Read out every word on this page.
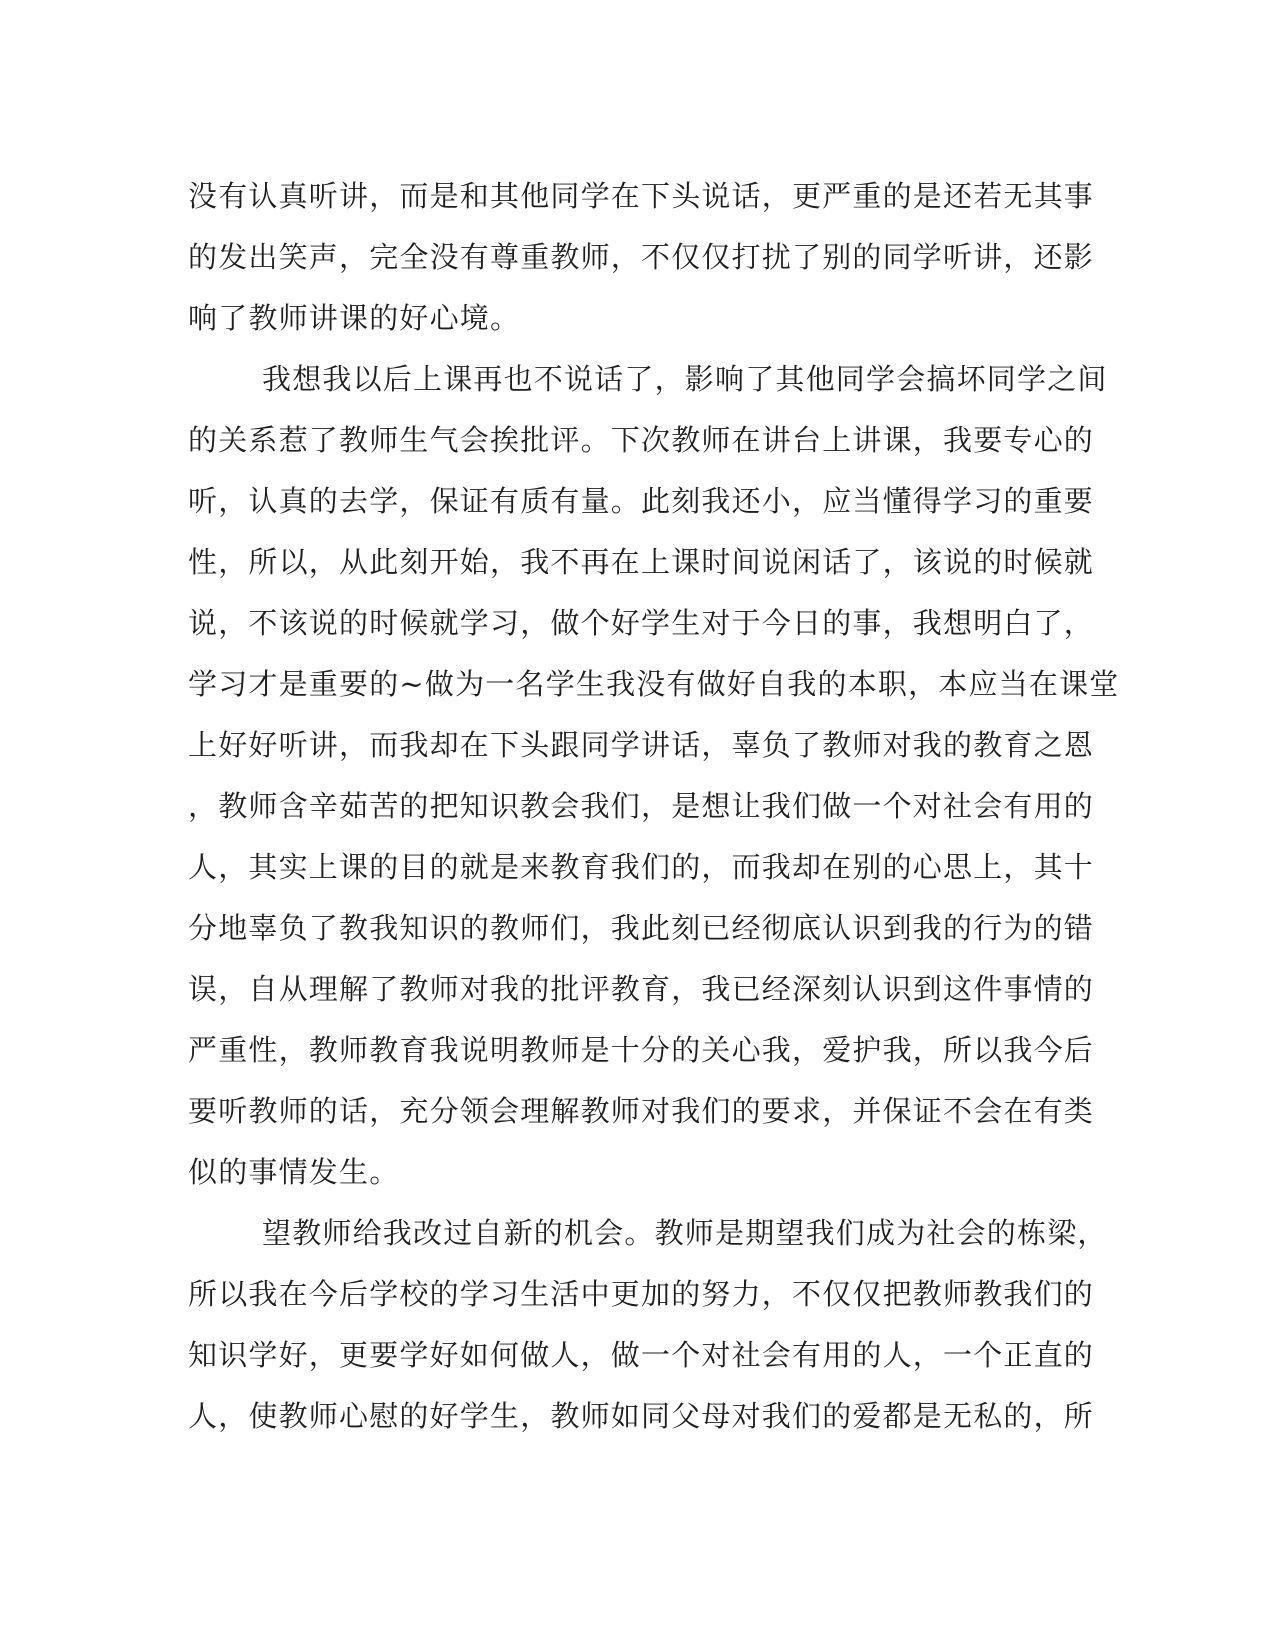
没有认真听讲，而是和其他同学在下头说话，更严重的是还若无其事
的发出笑声，完全没有尊重教师，不仅仅打扰了别的同学听讲，还影
响了教师讲课的好心境。
我想我以后上课再也不说话了，影响了其他同学会搞坏同学之间
的关系惹了教师生气会挨批评。下次教师在讲台上讲课，我要专心的
听，认真的去学，保证有质有量。此刻我还小，应当懂得学习的重要
性，所以，从此刻开始，我不再在上课时间说闲话了，该说的时候就
说，不该说的时候就学习，做个好学生对于今日的事，我想明白了，
学习才是重要的~做为一名学生我没有做好自我的本职，本应当在课堂
上好好听讲，而我却在下头跟同学讲话，辜负了教师对我的教育之恩
，教师含辛茹苦的把知识教会我们，是想让我们做一个对社会有用的
人，其实上课的目的就是来教育我们的，而我却在别的心思上，其十
分地辜负了教我知识的教师们，我此刻已经彻底认识到我的行为的错
误，自从理解了教师对我的批评教育，我已经深刻认识到这件事情的
严重性，教师教育我说明教师是十分的关心我，爱护我，所以我今后
要听教师的话，充分领会理解教师对我们的要求，并保证不会在有类
似的事情发生。
望教师给我改过自新的机会。教师是期望我们成为社会的栋梁，
所以我在今后学校的学习生活中更加的努力，不仅仅把教师教我们的
知识学好，更要学好如何做人，做一个对社会有用的人，一个正直的
人，使教师心慰的好学生，教师如同父母对我们的爱都是无私的，所
